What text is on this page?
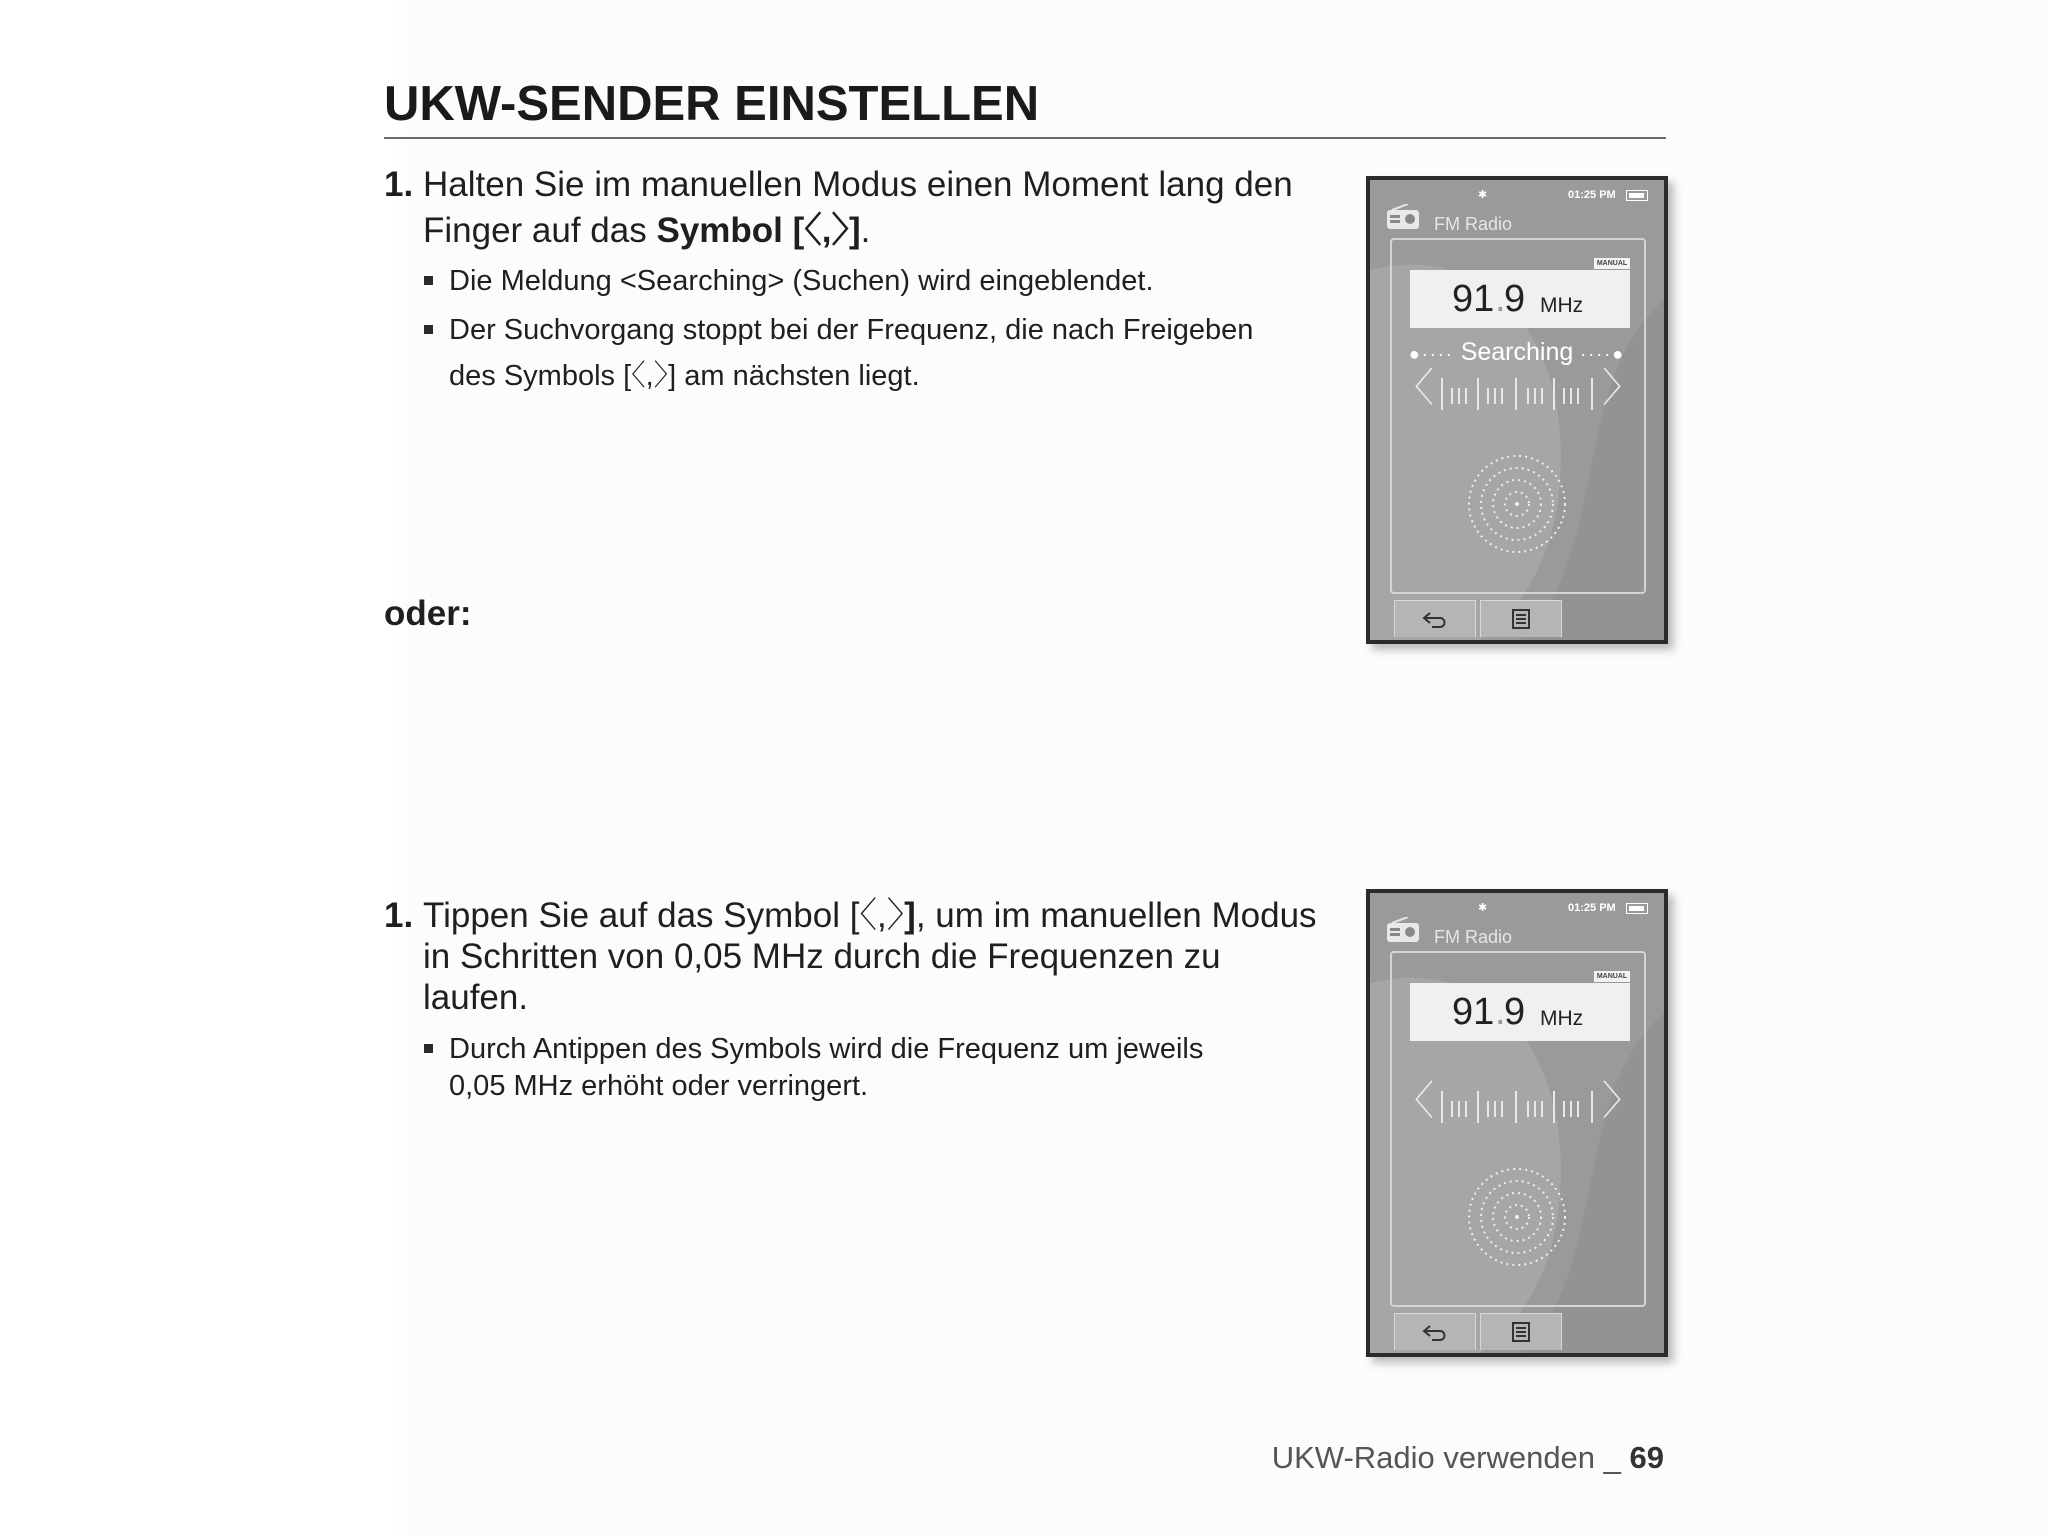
UKW-SENDER EINSTELLEN
1. Halten Sie im manuellen Modus einen Moment lang den
Finger auf das Symbol [〈,〉].
Die Meldung <Searching> (Suchen) wird eingeblendet.
Der Suchvorgang stoppt bei der Frequenz, die nach Freigeben
des Symbols [〈,〉] am nächsten liegt.
oder:
1. Tippen Sie auf das Symbol [〈,〉], um im manuellen Modus
in Schritten von 0,05 MHz durch die Frequenzen zu
laufen.
Durch Antippen des Symbols wird die Frequenz um jeweils
0,05 MHz erhöht oder verringert.
✱	01:25 PM
FM Radio
MANUAL
91 .
9 MHz
●···· Searching ····●
〈	〉
✱	01:25 PM
FM Radio
MANUAL
91 .
9 MHz
〈	〉
UKW-Radio verwenden _ 69
